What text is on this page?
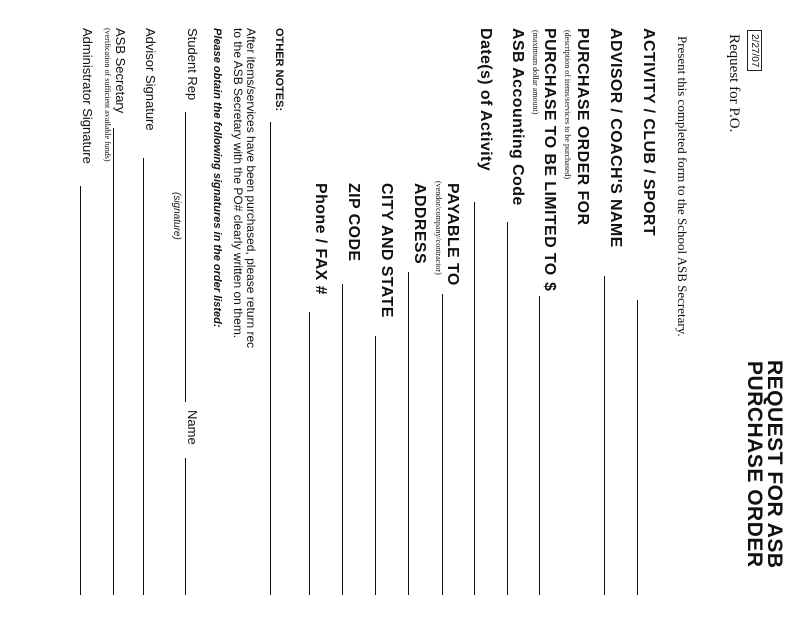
2/27/07
Request for P.O.
REQUEST FOR ASB
PURCHASE ORDER
Present this completed form to the School ASB Secretary.
ACTIVITY / CLUB / SPORT
ADVISOR / COACH'S NAME
PURCHASE ORDER FOR
(description of items/services to be purchased)
PURCHASE TO BE LIMITED TO
$
(maximum dollar amount)
ASB Accounting Code
Date(s) of Activity
PAYABLE TO
(vendor/company/contractor)
ADDRESS
CITY AND STATE
ZIP CODE
Phone / FAX #
OTHER NOTES:
After items/services have been purchased, please return rec
to the ASB Secretary with the PO# clearly written on them.
Please obtain the following signatures in the order listed:
Student Rep
Name
(signature)
Advisor Signature
ASB Secretary
(verification of sufficient available funds)
Administrator Signature
